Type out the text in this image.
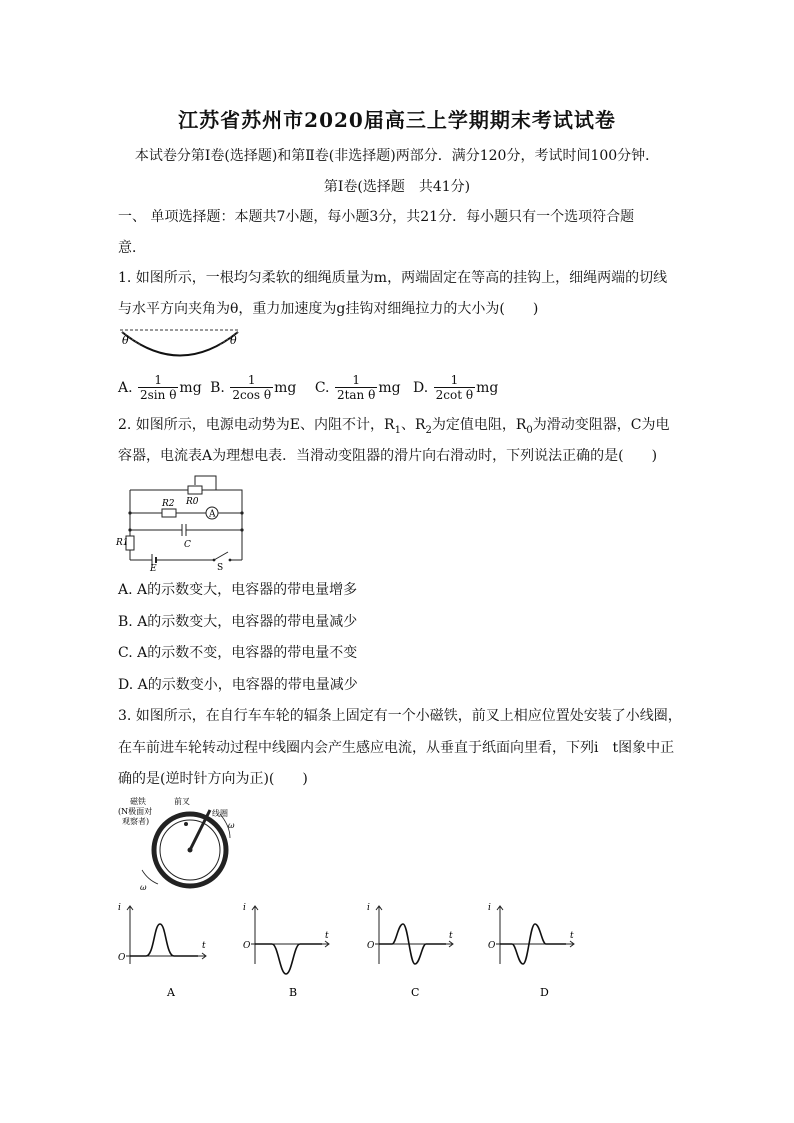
江苏省苏州市2020届高三上学期期末考试试卷
本试卷分第Ⅰ卷(选择题)和第Ⅱ卷(非选择题)两部分．满分120分，考试时间100分钟．
第Ⅰ卷(选择题　共41分)
一、 单项选择题：本题共7小题，每小题3分，共21分．每小题只有一个选项符合题
意．
1. 如图所示，一根均匀柔软的细绳质量为m，两端固定在等高的挂钩上，细绳两端的切线
与水平方向夹角为θ，重力加速度为g挂钩对细绳拉力的大小为(　　)
θ	θ
A. $\frac{1}{\text{2sin θ}}$ mg B. $\frac{1}{\text{2cos θ}}$ mg C. $\frac{1}{\text{2tan θ}}$ mg D. $\frac{1}{\text{2cot θ}}$ mg
2. 如图所示，电源电动势为E、内阻不计，$R_1$、$R_2$为定值电阻，$R_0$为滑动变阻器，C为电
容器，电流表A为理想电表．当滑动变阻器的滑片向右滑动时，下列说法正确的是(　　)
R0
R2
A
C
R1
E	S
A. A的示数变大，电容器的带电量增多
B. A的示数变大，电容器的带电量减少
C. A的示数不变，电容器的带电量不变
D. A的示数变小，电容器的带电量减少
3. 如图所示，在自行车车轮的辐条上固定有一个小磁铁，前叉上相应位置处安装了小线圈，
在车前进车轮转动过程中线圈内会产生感应电流，从垂直于纸面向里看，下列i　t图象中正
确的是(逆时针方向为正)(　　)
磁铁
(N极面对
观察者)
前叉
线圈
ω
ω
i
t
O
A
i
t
O
B
i
t
O
C
i
t
O
D
